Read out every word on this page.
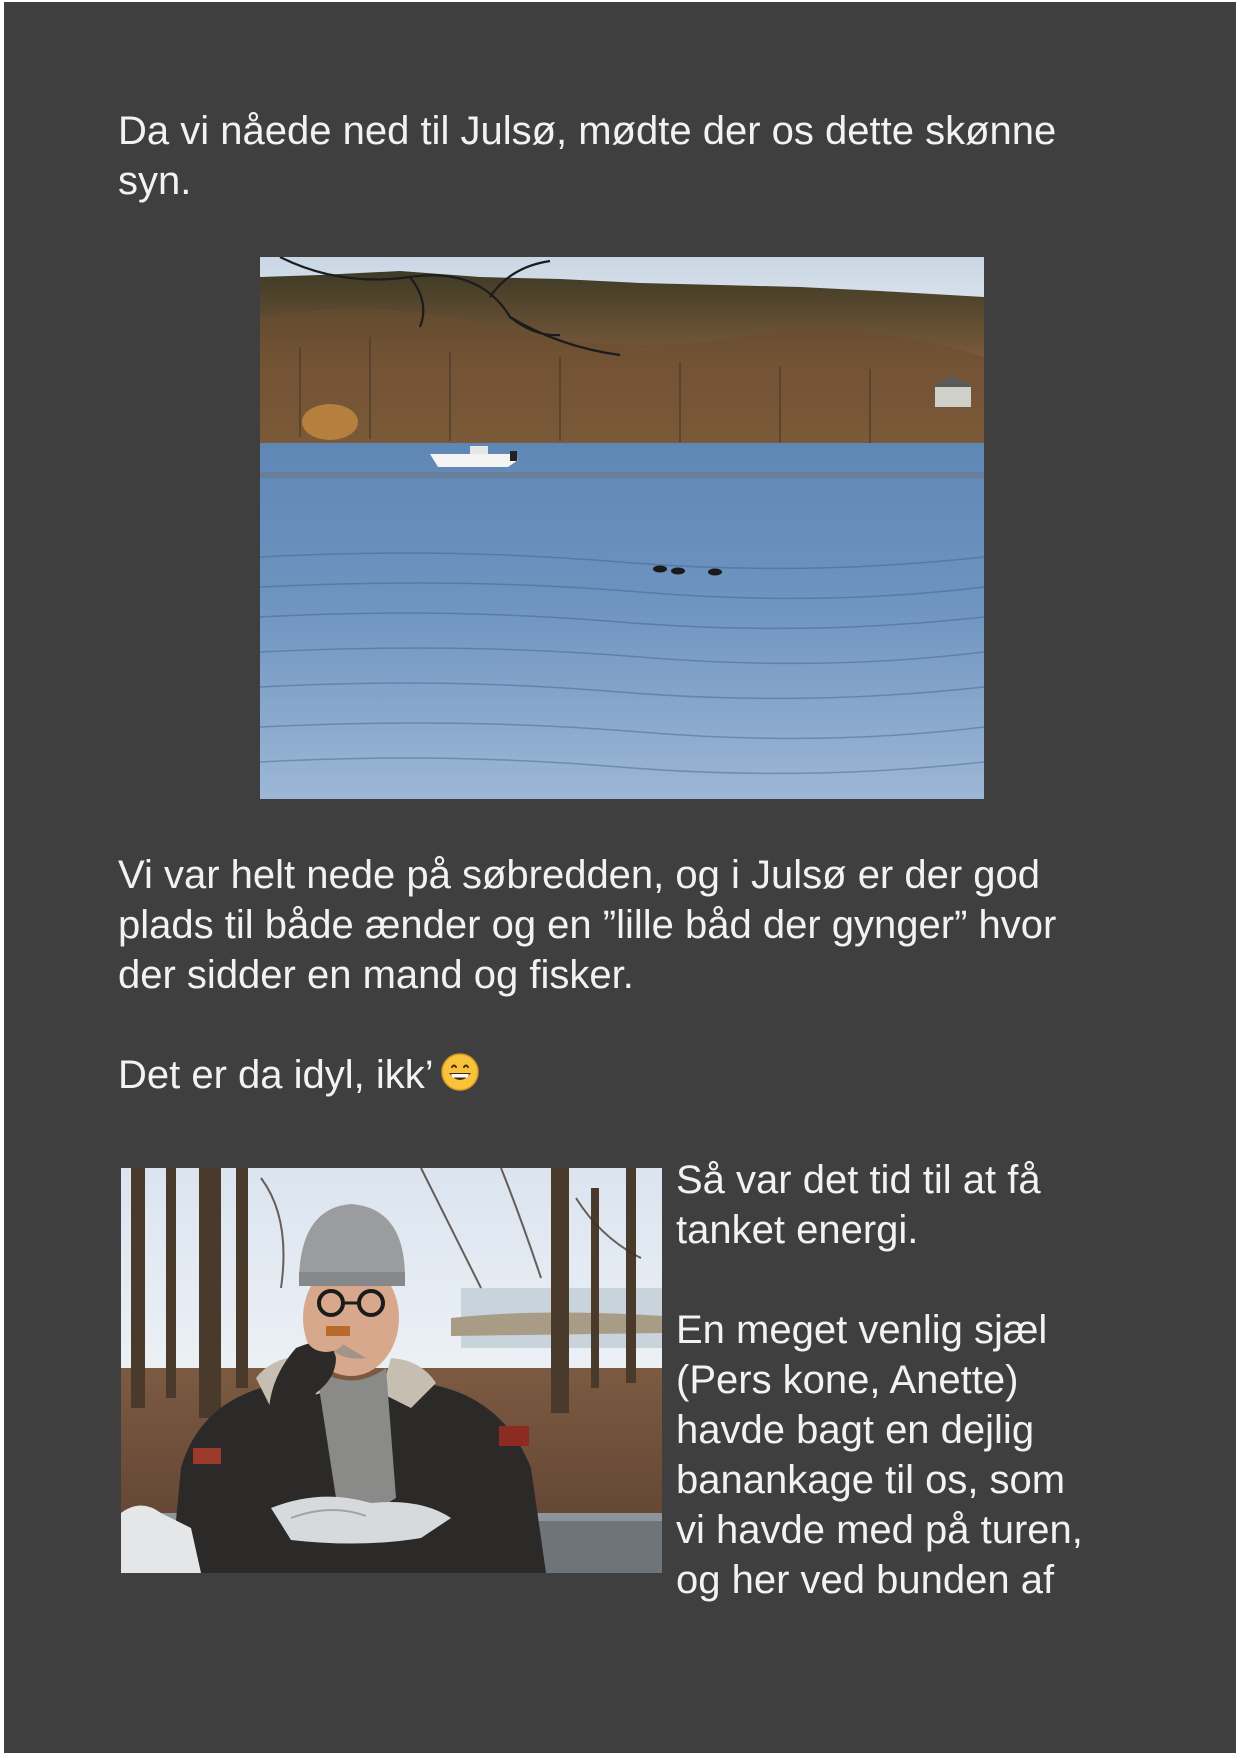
Da vi nåede ned til Julsø, mødte der os dette skønne
syn.

Vi var helt nede på søbredden, og i Julsø er der god
plads til både ænder og en ”lille båd der gynger” hvor
der sidder en mand og fisker.

Det er da idyl, ikk’

Så var det tid til at få
tanket energi.

En meget venlig sjæl
(Pers kone, Anette)
havde bagt en dejlig
banankage til os, som
vi havde med på turen,
og her ved bunden af
